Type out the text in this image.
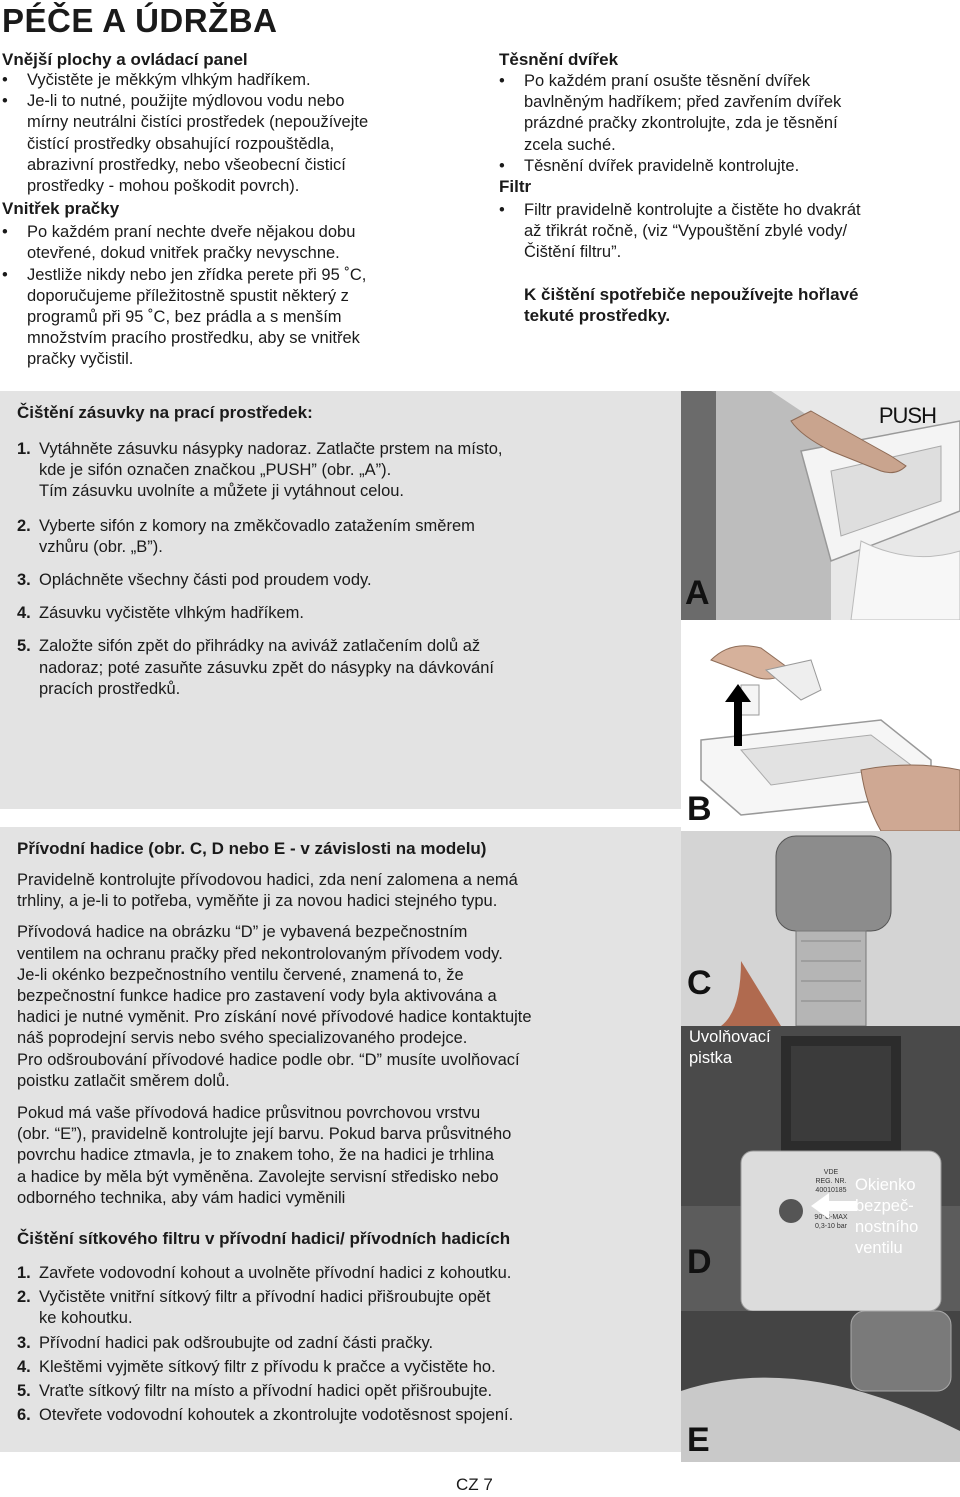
PÉČE A ÚDRŽBA

Vnější plochy a ovládací panel

• Vyčistěte je měkkým vlhkým hadříkem.

• Je-li to nutné, použijte mýdlovou vodu nebo
mírny neutrálni čistíci prostředek (nepoužívejte
čistící prostředky obsahující rozpouštědla,
abrazivní prostředky, nebo všeobecní čisticí
prostředky - mohou poškodit povrch).

Vnitřek pračky

• Po každém praní nechte dveře nějakou dobu
otevřené, dokud vnitřek pračky nevyschne.

• Jestliže nikdy nebo jen zřídka perete při 95 ˚C,
doporučujeme příležitostně spustit některý z
programů při 95 ˚C, bez prádla a s menším
množstvím pracího prostředku, aby se vnitřek
pračky vyčistil.

Těsnění dvířek

• Po každém praní osušte těsnění dvířek
bavlněným hadříkem; před zavřením dvířek
prázdné pračky zkontrolujte, zda je těsnění
zcela suché.

• Těsnění dvířek pravidelně kontrolujte.

Filtr

• Filtr pravidelně kontrolujte a čistěte ho dvakrát
až třikrát ročně, (viz “Vypouštění zbylé vody/
Čištění filtru”.

K čištění spotřebiče nepoužívejte hořlavé
tekuté prostředky.

Čištění zásuvky na prací prostředek:

1. Vytáhněte zásuvku násypky nadoraz. Zatlačte prstem na místo,
kde je sifón označen značkou „PUSH” (obr. „A”).
Tím zásuvku uvolníte a můžete ji vytáhnout celou.

2. Vyberte sifón z komory na změkčovadlo zatažením směrem
vzhůru (obr. „B”).

3. Opláchněte všechny části pod proudem vody.

4. Zásuvku vyčistěte vlhkým hadříkem.

5. Založte sifón zpět do přihrádky na aviváž zatlačením dolů až
nadoraz; poté zasuňte zásuvku zpět do násypky na dávkování
pracích prostředků.

Přívodní hadice (obr. C, D nebo E - v závislosti na modelu)

Pravidelně kontrolujte přívodovou hadici, zda není zalomena a nemá
trhliny, a je-li to potřeba, vyměňte ji za novou hadici stejného typu.

Přívodová hadice na obrázku “D” je vybavená bezpečnostním
ventilem na ochranu pračky před nekontrolovaným přívodem vody.
Je-li okénko bezpečnostního ventilu červené, znamená to, že
bezpečnostní funkce hadice pro zastavení vody byla aktivována a
hadici je nutné vyměnit. Pro získání nové přívodové hadice kontaktujte
náš poprodejní servis nebo svého specializovaného prodejce.
Pro odšroubování přívodové hadice podle obr. “D” musíte uvolňovací
poistku zatlačit směrem dolů.

Pokud má vaše přívodová hadice průsvitnou povrchovou vrstvu
(obr. “E”), pravidelně kontrolujte její barvu. Pokud barva průsvitného
povrchu hadice ztmavla, je to znakem toho, že na hadici je trhlina
a hadice by měla být vyměněna. Zavolejte servisní středisko nebo
odborného technika, aby vám hadici vyměnili

Čištění sítkového filtru v přívodní hadici/ přívodních hadicích

1. Zavřete vodovodní kohout a uvolněte přívodní hadici z kohoutku.

2. Vyčistěte vnitřní sítkový filtr a přívodní hadici přišroubujte opět
ke kohoutku.

3. Přívodní hadici pak odšroubujte od zadní části pračky.

4. Kleštěmi vyjměte sítkový filtr z přívodu k pračce a vyčistěte ho.

5. Vraťte sítkový filtr na místo a přívodní hadici opět přišroubujte.

6. Otevřete vodovodní kohoutek a zkontrolujte vodotěsnost spojení.

PUSH
A
B
C
Uvolňovací
pistka
VDE
REG. NR.
40010185

90°C-MAX
0,3-10 bar
Okienko
bezpeč-
nostního
ventilu
D
E
CZ 7
